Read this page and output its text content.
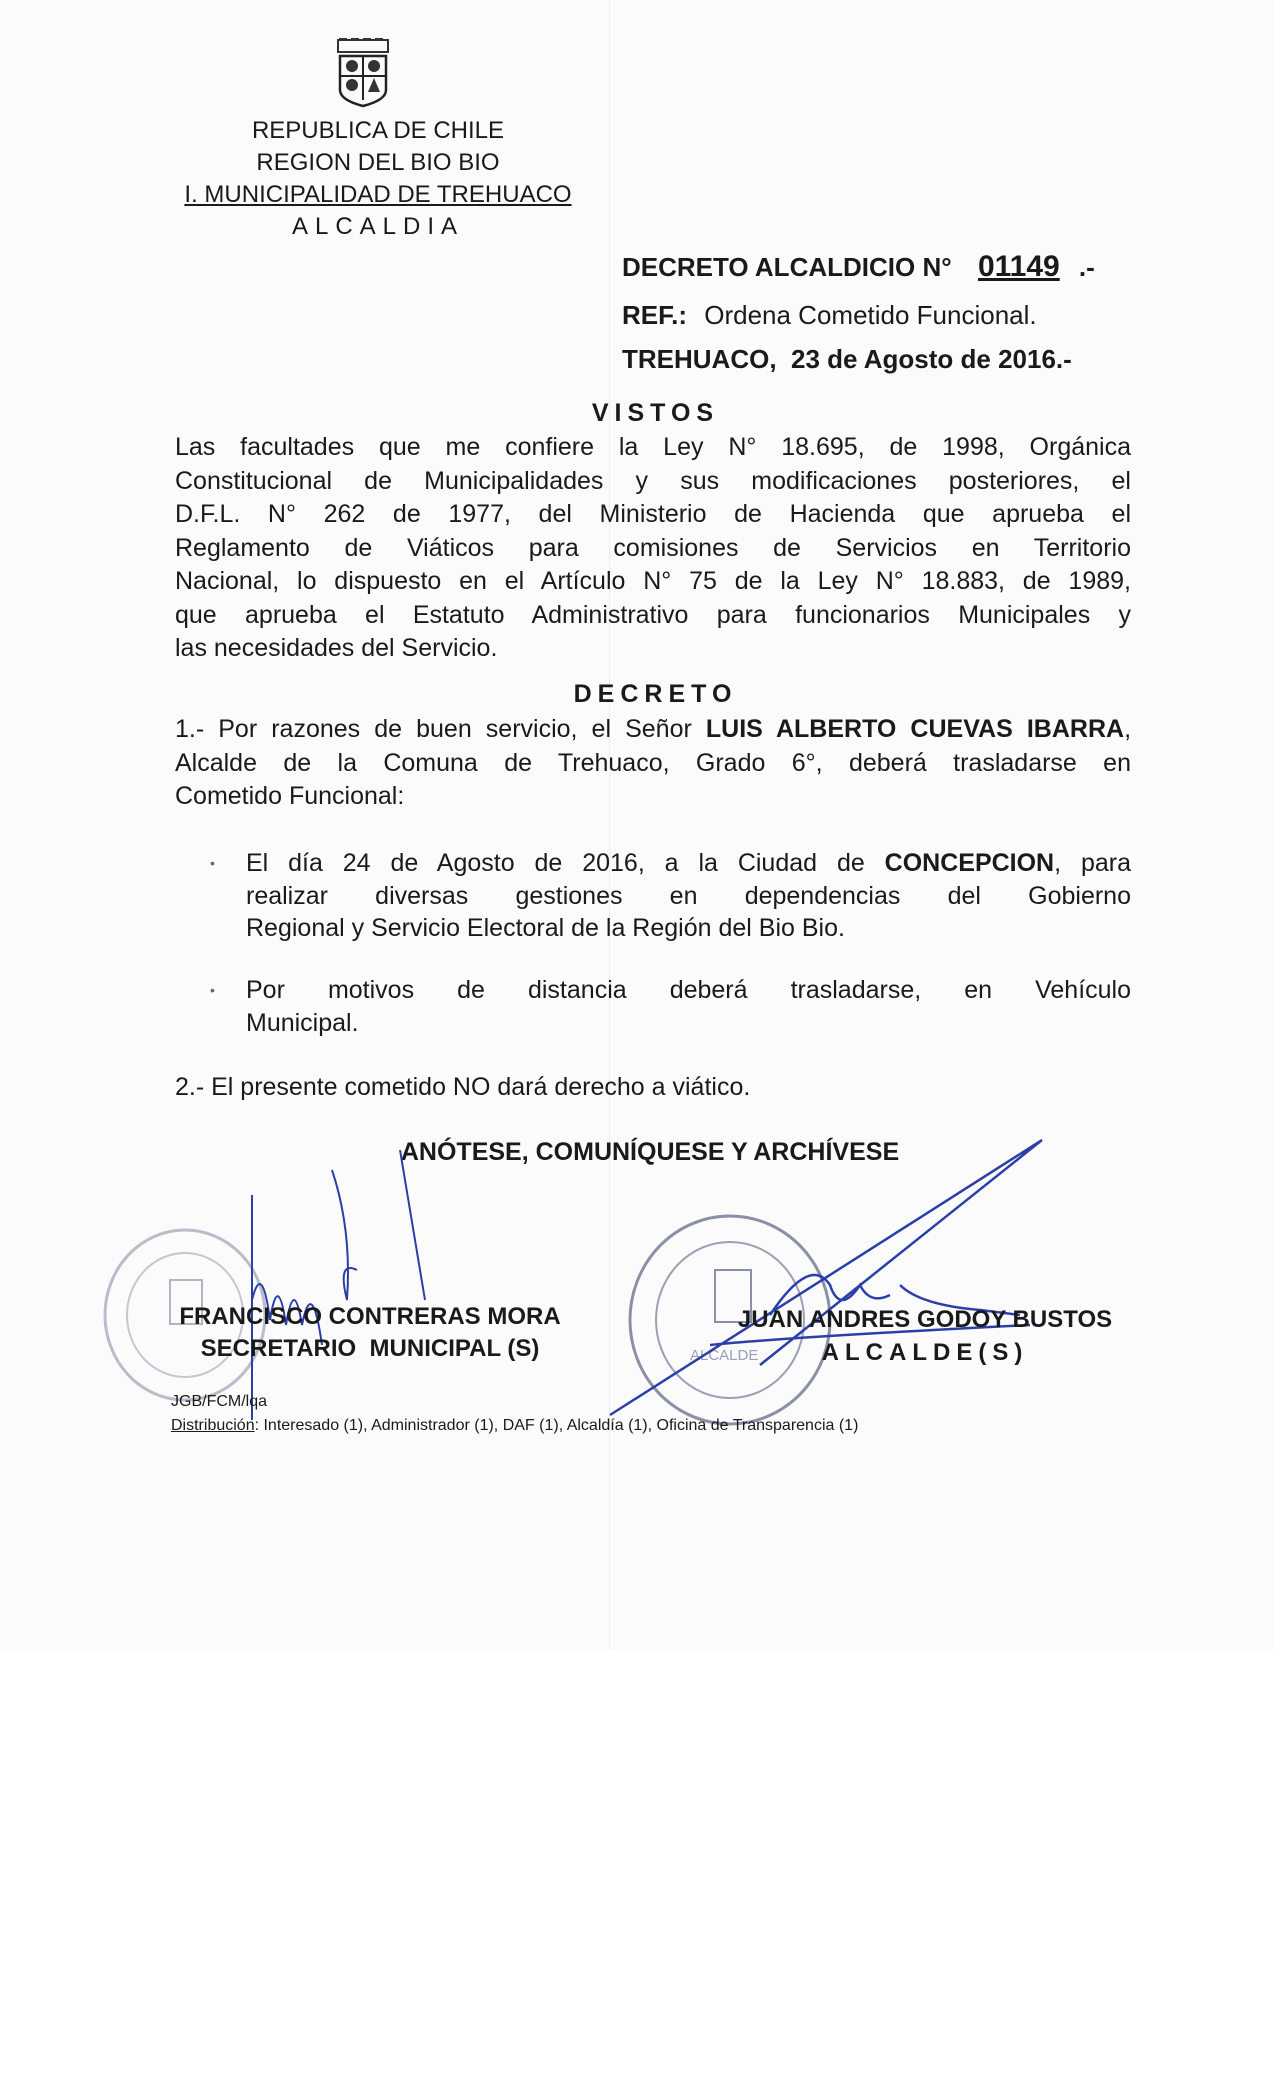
REPUBLICA DE CHILE
REGION DEL BIO BIO
I. MUNICIPALIDAD DE TREHUACO
ALCALDIA
DECRETO ALCALDICIO N° 01149 .-
REF.: Ordena Cometido Funcional.
TREHUACO,  23 de Agosto de 2016.-
VISTOS
Las facultades que me confiere la Ley N° 18.695, de 1998, Orgánica
Constitucional de Municipalidades y sus modificaciones posteriores, el
D.F.L. N° 262 de 1977, del Ministerio de Hacienda que aprueba el
Reglamento de Viáticos para comisiones de Servicios en Territorio
Nacional, lo dispuesto en el Artículo N° 75 de la Ley N° 18.883, de 1989,
que aprueba el Estatuto Administrativo para funcionarios Municipales y
las necesidades del Servicio.
DECRETO
1.- Por razones de buen servicio, el Señor LUIS ALBERTO CUEVAS IBARRA,
Alcalde de la Comuna de Trehuaco, Grado 6°, deberá trasladarse en
Cometido Funcional:
• El día 24 de Agosto de 2016, a la Ciudad de CONCEPCION, para
realizar diversas gestiones en dependencias del Gobierno
Regional y Servicio Electoral de la Región del Bio Bio.
• Por motivos de distancia deberá trasladarse, en Vehículo
Municipal.
2.- El presente cometido NO dará derecho a viático.
ANÓTESE, COMUNÍQUESE Y ARCHÍVESE
ALCALDE
FRANCISCO CONTRERAS MORA
SECRETARIO  MUNICIPAL (S)
JUAN ANDRES GODOY BUSTOS
ALCALDE(S)
JGB/FCM/lqa
Distribución: Interesado (1), Administrador (1), DAF (1), Alcaldía (1), Oficina de Transparencia (1)
